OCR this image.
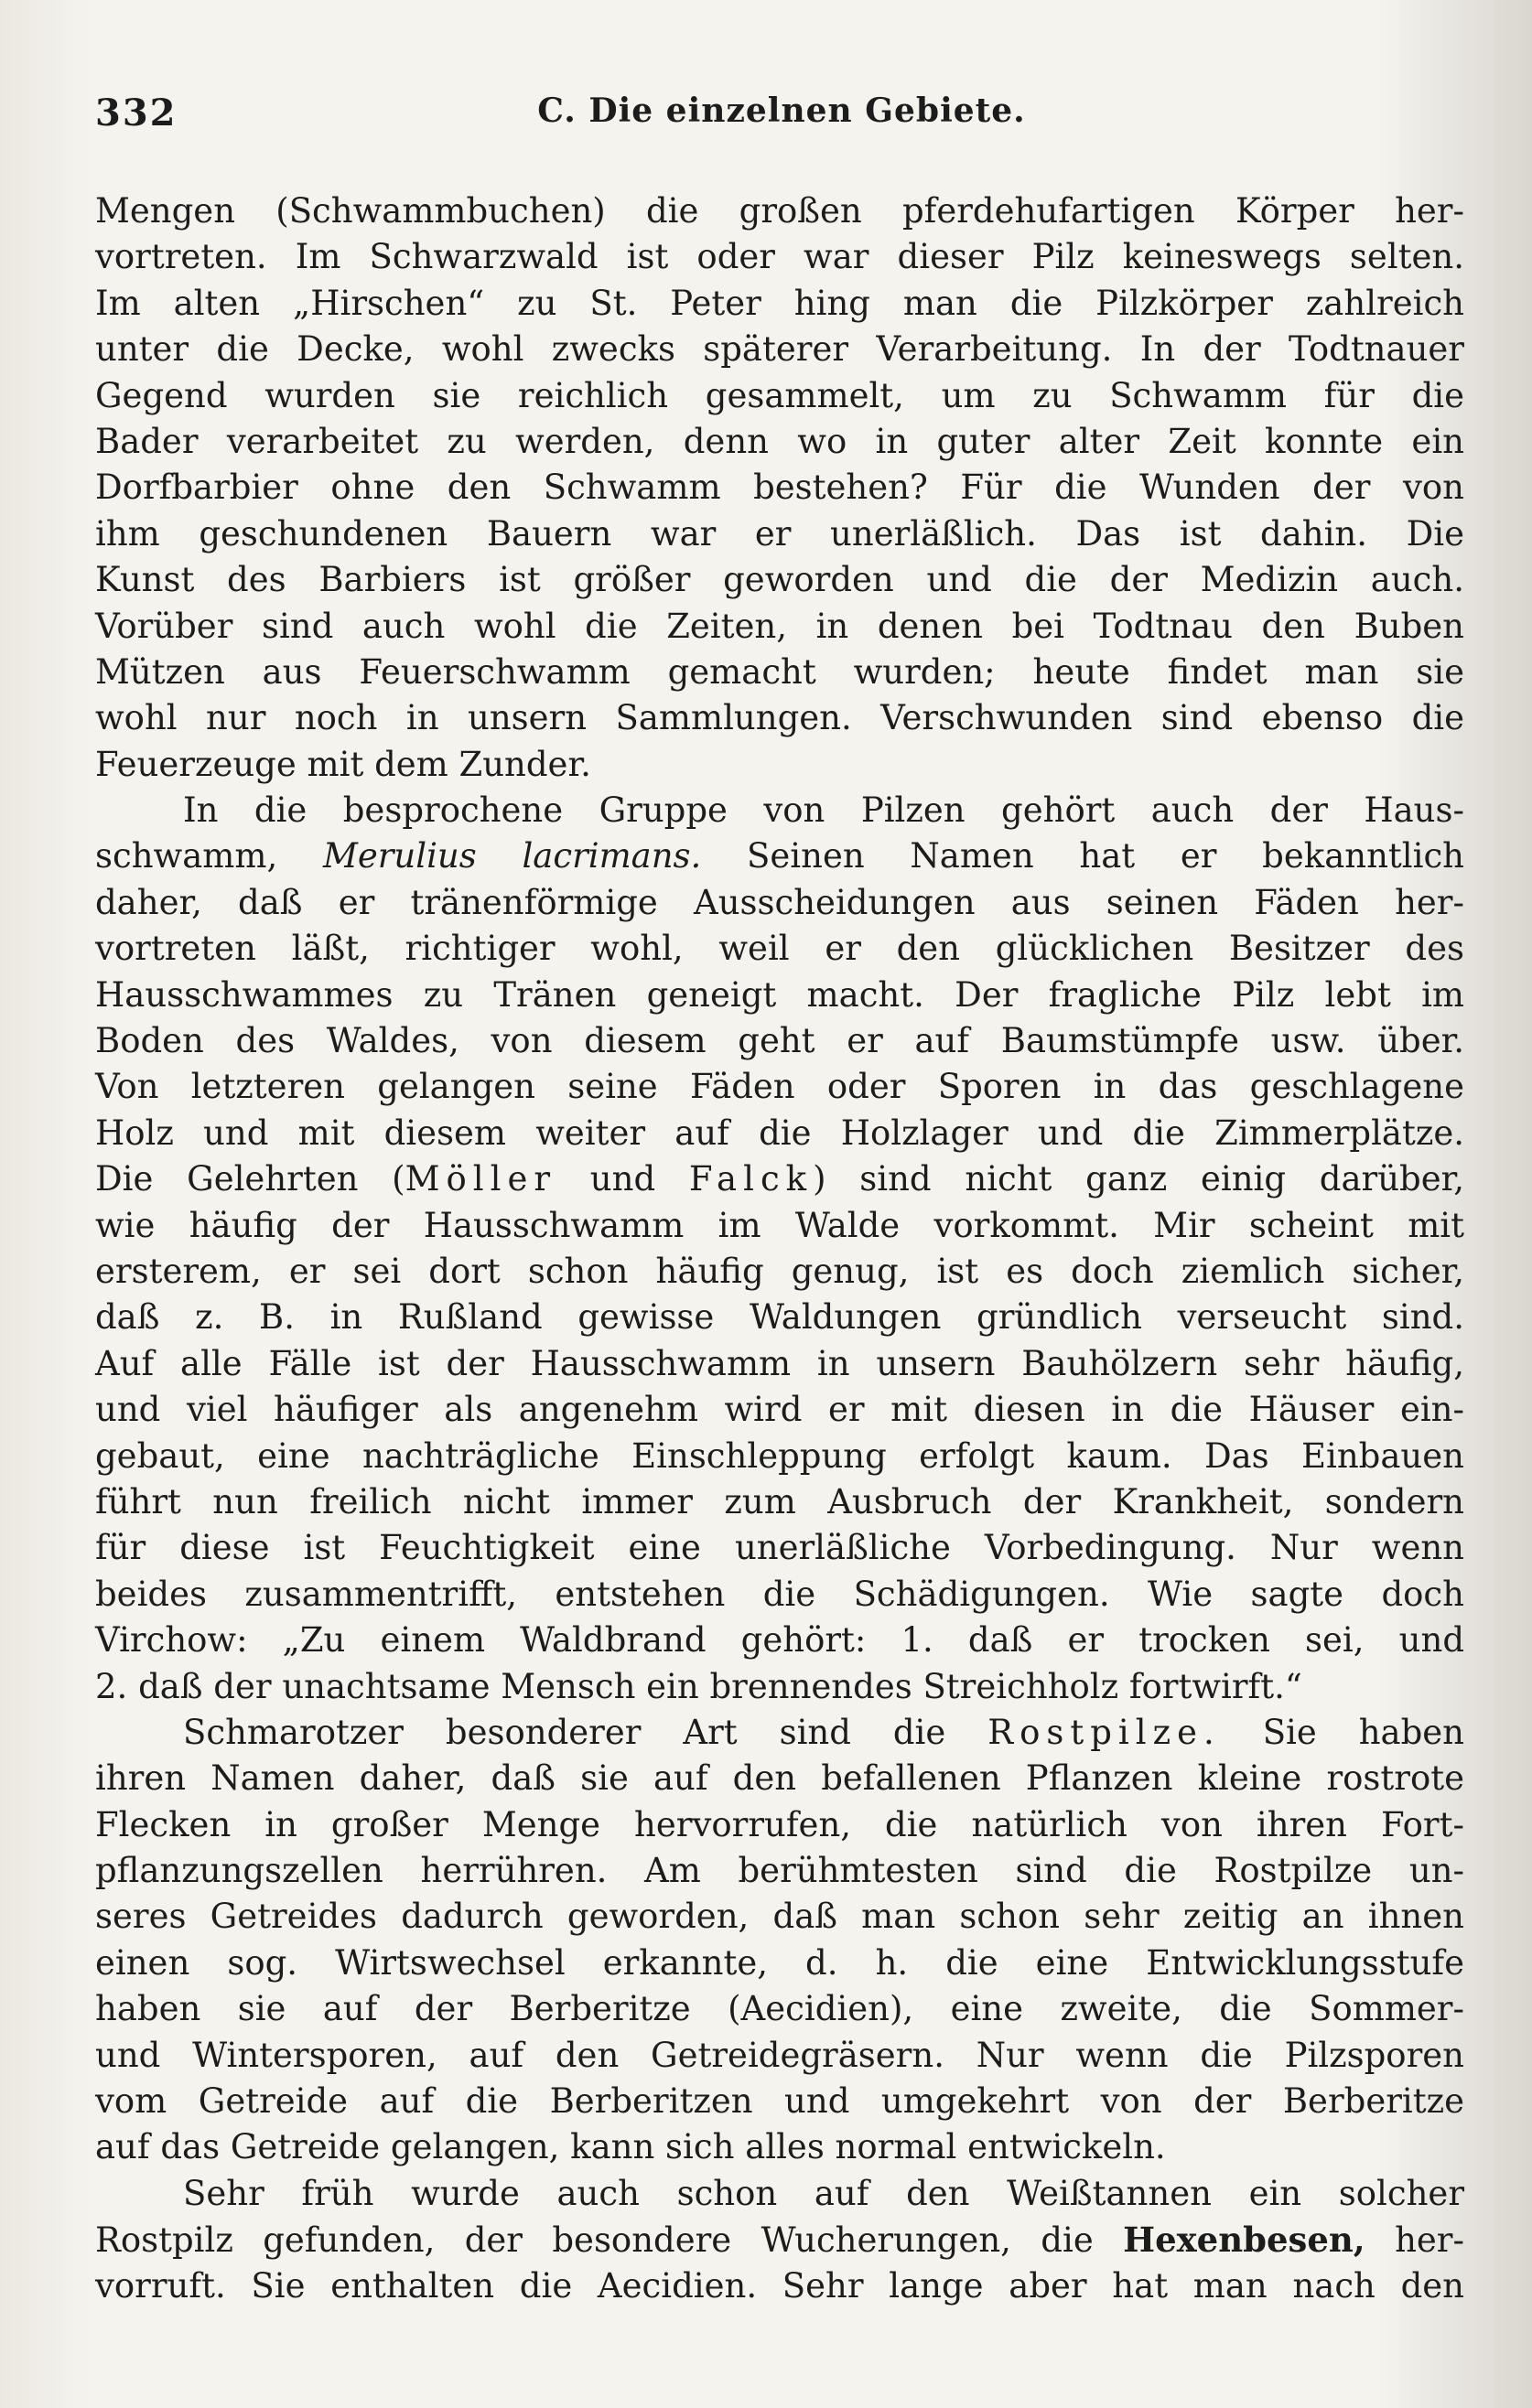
332	C. Die einzelnen Gebiete.
Mengen (Schwammbuchen) die großen pferdehufartigen Körper her-
vortreten. Im Schwarzwald ist oder war dieser Pilz keineswegs selten.
Im alten „Hirschen“ zu St. Peter hing man die Pilzkörper zahlreich
unter die Decke, wohl zwecks späterer Verarbeitung. In der Todtnauer
Gegend wurden sie reichlich gesammelt, um zu Schwamm für die
Bader verarbeitet zu werden, denn wo in guter alter Zeit konnte ein
Dorfbarbier ohne den Schwamm bestehen? Für die Wunden der von
ihm geschundenen Bauern war er unerläßlich. Das ist dahin. Die
Kunst des Barbiers ist größer geworden und die der Medizin auch.
Vorüber sind auch wohl die Zeiten, in denen bei Todtnau den Buben
Mützen aus Feuerschwamm gemacht wurden; heute findet man sie
wohl nur noch in unsern Sammlungen. Verschwunden sind ebenso die
Feuerzeuge mit dem Zunder.
In die besprochene Gruppe von Pilzen gehört auch der Haus-
schwamm, Merulius lacrimans. Seinen Namen hat er bekanntlich
daher, daß er tränenförmige Ausscheidungen aus seinen Fäden her-
vortreten läßt, richtiger wohl, weil er den glücklichen Besitzer des
Hausschwammes zu Tränen geneigt macht. Der fragliche Pilz lebt im
Boden des Waldes, von diesem geht er auf Baumstümpfe usw. über.
Von letzteren gelangen seine Fäden oder Sporen in das geschlagene
Holz und mit diesem weiter auf die Holzlager und die Zimmerplätze.
Die Gelehrten (Möller und Falck) sind nicht ganz einig darüber,
wie häufig der Hausschwamm im Walde vorkommt. Mir scheint mit
ersterem, er sei dort schon häufig genug, ist es doch ziemlich sicher,
daß z. B. in Rußland gewisse Waldungen gründlich verseucht sind.
Auf alle Fälle ist der Hausschwamm in unsern Bauhölzern sehr häufig,
und viel häufiger als angenehm wird er mit diesen in die Häuser ein-
gebaut, eine nachträgliche Einschleppung erfolgt kaum. Das Einbauen
führt nun freilich nicht immer zum Ausbruch der Krankheit, sondern
für diese ist Feuchtigkeit eine unerläßliche Vorbedingung. Nur wenn
beides zusammentrifft, entstehen die Schädigungen. Wie sagte doch
Virchow: „Zu einem Waldbrand gehört: 1. daß er trocken sei, und
2. daß der unachtsame Mensch ein brennendes Streichholz fortwirft.“
Schmarotzer besonderer Art sind die Rostpilze. Sie haben
ihren Namen daher, daß sie auf den befallenen Pflanzen kleine rostrote
Flecken in großer Menge hervorrufen, die natürlich von ihren Fort-
pflanzungszellen herrühren. Am berühmtesten sind die Rostpilze un-
seres Getreides dadurch geworden, daß man schon sehr zeitig an ihnen
einen sog. Wirtswechsel erkannte, d. h. die eine Entwicklungsstufe
haben sie auf der Berberitze (Aecidien), eine zweite, die Sommer-
und Wintersporen, auf den Getreidegräsern. Nur wenn die Pilzsporen
vom Getreide auf die Berberitzen und umgekehrt von der Berberitze
auf das Getreide gelangen, kann sich alles normal entwickeln.
Sehr früh wurde auch schon auf den Weißtannen ein solcher
Rostpilz gefunden, der besondere Wucherungen, die Hexenbesen, her-
vorruft. Sie enthalten die Aecidien. Sehr lange aber hat man nach den
